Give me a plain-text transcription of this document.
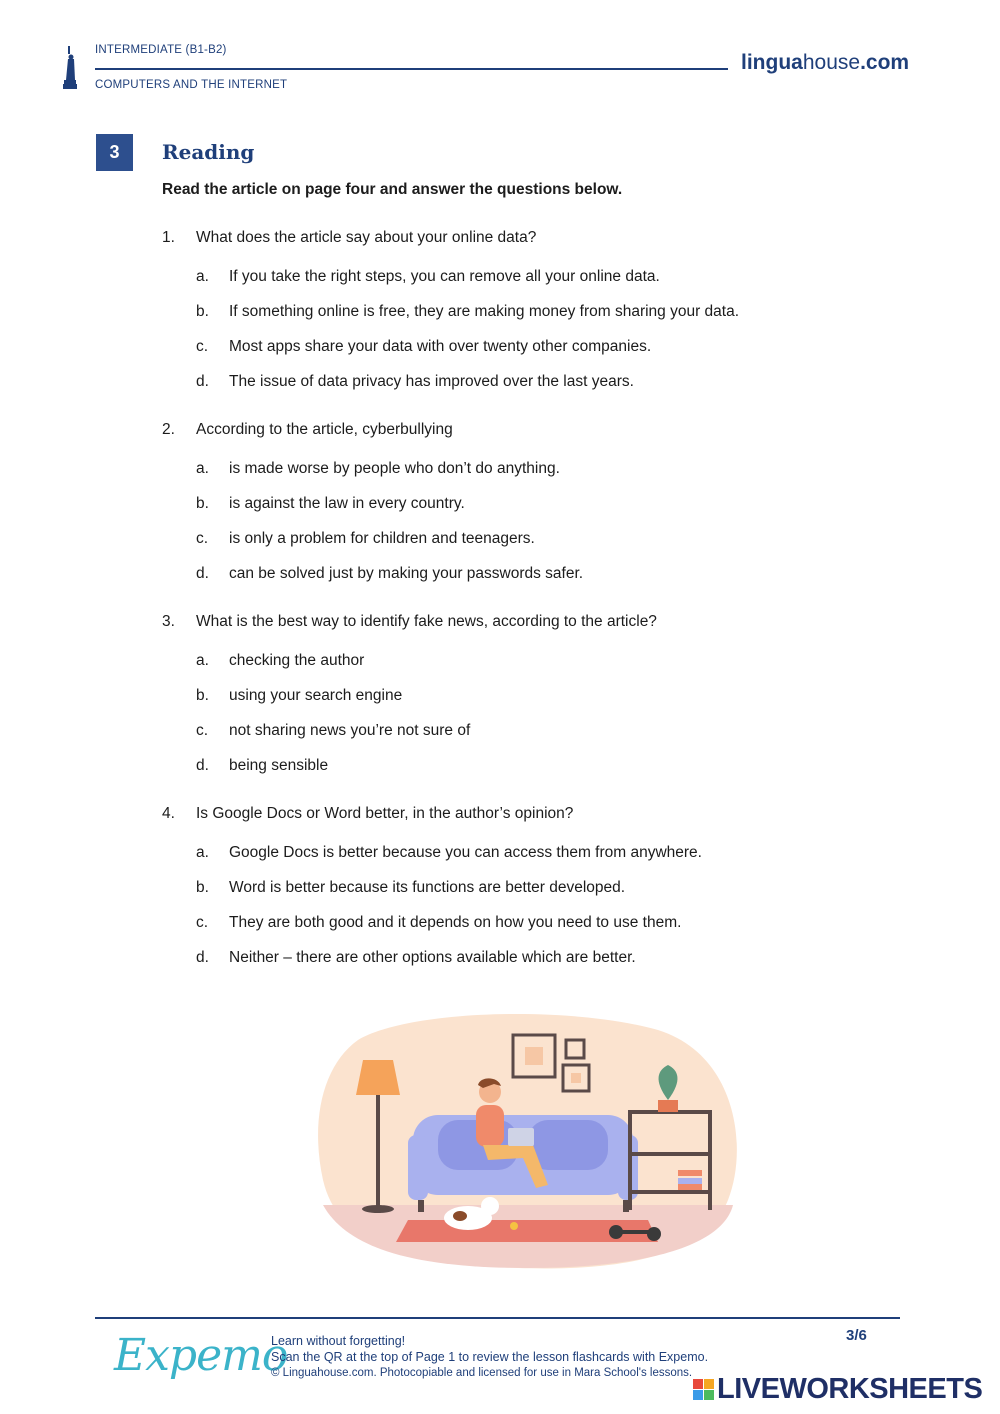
INTERMEDIATE (B1-B2)
COMPUTERS AND THE INTERNET
linguahouse.com
3	Reading
Read the article on page four and answer the questions below.
1. What does the article say about your online data?
a. If you take the right steps, you can remove all your online data.
b. If something online is free, they are making money from sharing your data.
c. Most apps share your data with over twenty other companies.
d. The issue of data privacy has improved over the last years.
2. According to the article, cyberbullying
a. is made worse by people who don’t do anything.
b. is against the law in every country.
c. is only a problem for children and teenagers.
d. can be solved just by making your passwords safer.
3. What is the best way to identify fake news, according to the article?
a. checking the author
b. using your search engine
c. not sharing news you’re not sure of
d. being sensible
4. Is Google Docs or Word better, in the author’s opinion?
a. Google Docs is better because you can access them from anywhere.
b. Word is better because its functions are better developed.
c. They are both good and it depends on how you need to use them.
d. Neither – there are other options available which are better.
Expemo
Learn without forgetting!
Scan the QR at the top of Page 1 to review the lesson flashcards with Expemo.
© Linguahouse.com. Photocopiable and licensed for use in Mara School's lessons.
3/6
LIVEWORKSHEETS
